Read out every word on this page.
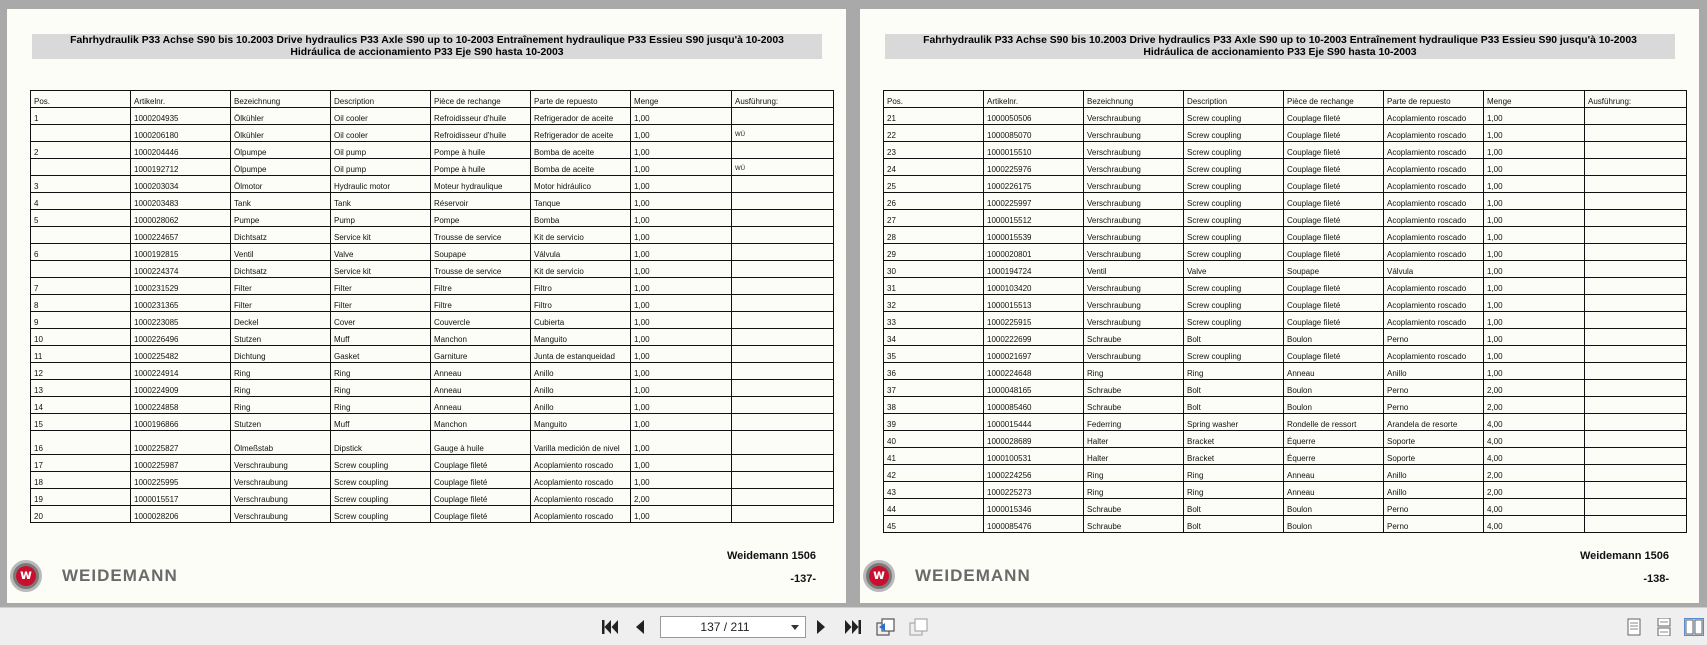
Fahrhydraulik P33 Achse S90 bis 10.2003 Drive hydraulics P33 Axle S90 up to 10-2003 Entraînement hydraulique P33 Essieu S90 jusqu'à 10-2003
Hidráulica de accionamiento P33 Eje S90 hasta 10-2003
Pos.	Artikelnr.	Bezeichnung	Description	Pièce de rechange	Parte de repuesto	Menge	Ausführung:
1	1000204935	Ölkühler	Oil cooler	Refroidisseur d'huile	Refrigerador de aceite	1,00	
	1000206180	Ölkühler	Oil cooler	Refroidisseur d'huile	Refrigerador de aceite	1,00	WÜ
2	1000204446	Ölpumpe	Oil pump	Pompe à huile	Bomba de aceite	1,00	
	1000192712	Ölpumpe	Oil pump	Pompe à huile	Bomba de aceite	1,00	WÜ
3	1000203034	Ölmotor	Hydraulic motor	Moteur hydraulique	Motor hidráulico	1,00	
4	1000203483	Tank	Tank	Réservoir	Tanque	1,00	
5	1000028062	Pumpe	Pump	Pompe	Bomba	1,00	
	1000224657	Dichtsatz	Service kit	Trousse de service	Kit de servicio	1,00	
6	1000192815	Ventil	Valve	Soupape	Válvula	1,00	
	1000224374	Dichtsatz	Service kit	Trousse de service	Kit de servicio	1,00	
7	1000231529	Filter	Filter	Filtre	Filtro	1,00	
8	1000231365	Filter	Filter	Filtre	Filtro	1,00	
9	1000223085	Deckel	Cover	Couvercle	Cubierta	1,00	
10	1000226496	Stutzen	Muff	Manchon	Manguito	1,00	
11	1000225482	Dichtung	Gasket	Garniture	Junta de estanqueidad	1,00	
12	1000224914	Ring	Ring	Anneau	Anillo	1,00	
13	1000224909	Ring	Ring	Anneau	Anillo	1,00	
14	1000224858	Ring	Ring	Anneau	Anillo	1,00	
15	1000196866	Stutzen	Muff	Manchon	Manguito	1,00	
16	1000225827	Ölmeßstab	Dipstick	Gauge à huile	Varilla medición de nivel	1,00	
17	1000225987	Verschraubung	Screw coupling	Couplage fileté	Acoplamiento roscado	1,00	
18	1000225995	Verschraubung	Screw coupling	Couplage fileté	Acoplamiento roscado	1,00	
19	1000015517	Verschraubung	Screw coupling	Couplage fileté	Acoplamiento roscado	2,00	
20	1000028206	Verschraubung	Screw coupling	Couplage fileté	Acoplamiento roscado	1,00	
w WEIDEMANN
Weidemann 1506
-137-
Fahrhydraulik P33 Achse S90 bis 10.2003 Drive hydraulics P33 Axle S90 up to 10-2003 Entraînement hydraulique P33 Essieu S90 jusqu'à 10-2003
Hidráulica de accionamiento P33 Eje S90 hasta 10-2003
Pos.	Artikelnr.	Bezeichnung	Description	Pièce de rechange	Parte de repuesto	Menge	Ausführung:
21	1000050506	Verschraubung	Screw coupling	Couplage fileté	Acoplamiento roscado	1,00	
22	1000085070	Verschraubung	Screw coupling	Couplage fileté	Acoplamiento roscado	1,00	
23	1000015510	Verschraubung	Screw coupling	Couplage fileté	Acoplamiento roscado	1,00	
24	1000225976	Verschraubung	Screw coupling	Couplage fileté	Acoplamiento roscado	1,00	
25	1000226175	Verschraubung	Screw coupling	Couplage fileté	Acoplamiento roscado	1,00	
26	1000225997	Verschraubung	Screw coupling	Couplage fileté	Acoplamiento roscado	1,00	
27	1000015512	Verschraubung	Screw coupling	Couplage fileté	Acoplamiento roscado	1,00	
28	1000015539	Verschraubung	Screw coupling	Couplage fileté	Acoplamiento roscado	1,00	
29	1000020801	Verschraubung	Screw coupling	Couplage fileté	Acoplamiento roscado	1,00	
30	1000194724	Ventil	Valve	Soupape	Válvula	1,00	
31	1000103420	Verschraubung	Screw coupling	Couplage fileté	Acoplamiento roscado	1,00	
32	1000015513	Verschraubung	Screw coupling	Couplage fileté	Acoplamiento roscado	1,00	
33	1000225915	Verschraubung	Screw coupling	Couplage fileté	Acoplamiento roscado	1,00	
34	1000222699	Schraube	Bolt	Boulon	Perno	1,00	
35	1000021697	Verschraubung	Screw coupling	Couplage fileté	Acoplamiento roscado	1,00	
36	1000224648	Ring	Ring	Anneau	Anillo	1,00	
37	1000048165	Schraube	Bolt	Boulon	Perno	2,00	
38	1000085460	Schraube	Bolt	Boulon	Perno	2,00	
39	1000015444	Federring	Spring washer	Rondelle de ressort	Arandela de resorte	4,00	
40	1000028689	Halter	Bracket	Équerre	Soporte	4,00	
41	1000100531	Halter	Bracket	Équerre	Soporte	4,00	
42	1000224256	Ring	Ring	Anneau	Anillo	2,00	
43	1000225273	Ring	Ring	Anneau	Anillo	2,00	
44	1000015346	Schraube	Bolt	Boulon	Perno	4,00	
45	1000085476	Schraube	Bolt	Boulon	Perno	4,00	
w WEIDEMANN
Weidemann 1506
-138-
137 / 211
